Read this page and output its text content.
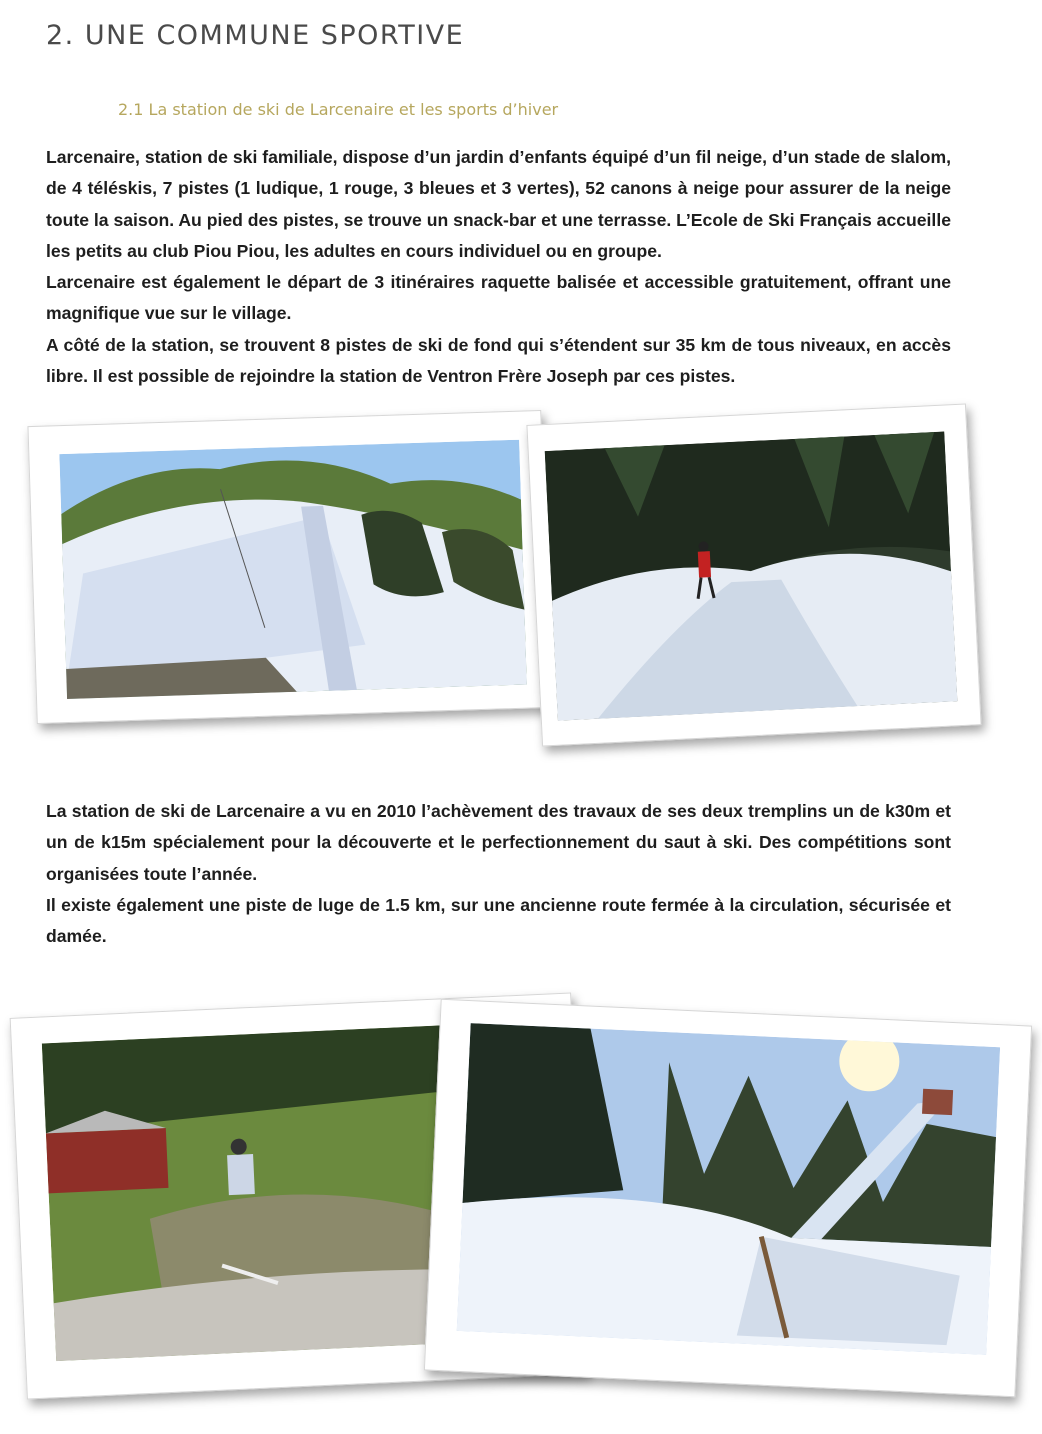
2. UNE COMMUNE SPORTIVE
2.1 La station de ski de Larcenaire et les sports d’hiver

Larcenaire, station de ski familiale, dispose d’un jardin d’enfants équipé d’un fil neige, d’un stade de slalom, de 4 téléskis, 7 pistes (1 ludique, 1 rouge, 3 bleues et 3 vertes), 52 canons à neige pour assurer de la neige toute la saison. Au pied des pistes, se trouve un snack-bar et une terrasse. L’Ecole de Ski Français accueille les petits au club Piou Piou, les adultes en cours individuel ou en groupe.

Larcenaire est également le départ de 3 itinéraires raquette balisée et accessible gratuitement, offrant une magnifique vue sur le village.

A côté de la station, se trouvent 8 pistes de ski de fond qui s’étendent sur 35 km de tous niveaux, en accès libre. Il est possible de rejoindre la station de Ventron Frère Joseph par ces pistes.

La station de ski de Larcenaire a vu en 2010 l’achèvement des travaux de ses deux tremplins un de k30m et un de k15m spécialement pour la découverte et le perfectionnement du saut à ski. Des compétitions sont organisées toute l’année.

Il existe également une piste de luge de 1.5 km, sur une ancienne route fermée à la circulation, sécurisée et damée.
